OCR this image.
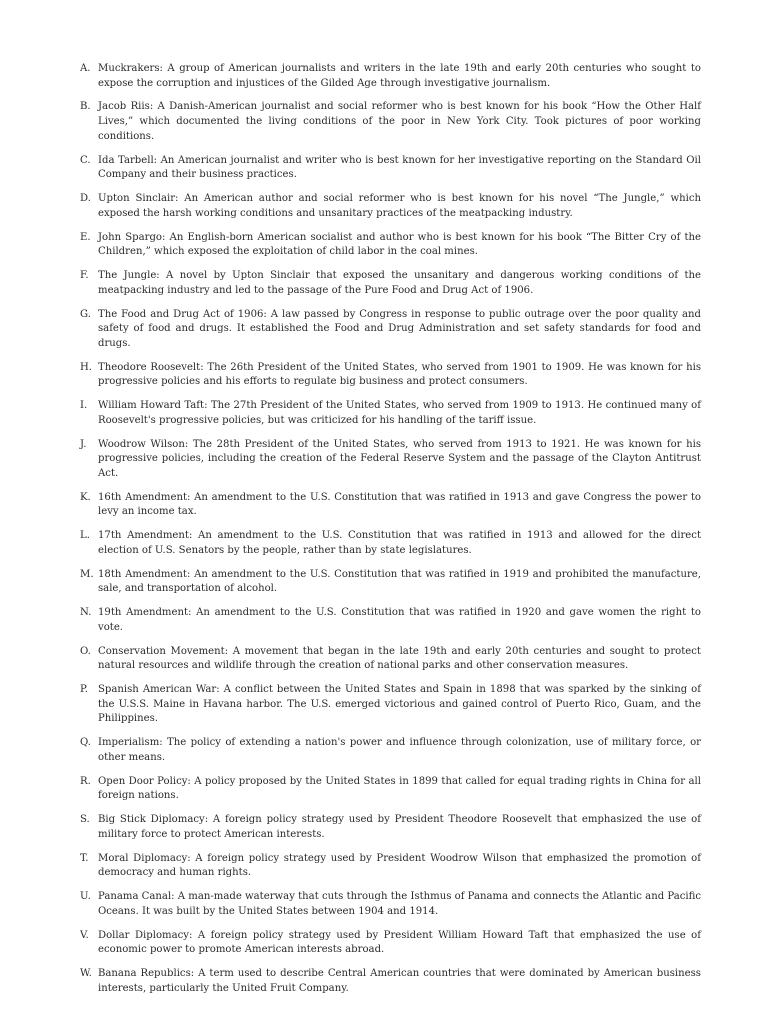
A. Muckrakers: A group of American journalists and writers in the late 19th and early 20th centuries who sought to expose the corruption and injustices of the Gilded Age through investigative journalism.
B. Jacob Riis: A Danish-American journalist and social reformer who is best known for his book “How the Other Half Lives,” which documented the living conditions of the poor in New York City. Took pictures of poor working conditions.
C. Ida Tarbell: An American journalist and writer who is best known for her investigative reporting on the Standard Oil Company and their business practices.
D. Upton Sinclair: An American author and social reformer who is best known for his novel “The Jungle,” which exposed the harsh working conditions and unsanitary practices of the meatpacking industry.
E. John Spargo: An English-born American socialist and author who is best known for his book “The Bitter Cry of the Children,” which exposed the exploitation of child labor in the coal mines.
F. The Jungle: A novel by Upton Sinclair that exposed the unsanitary and dangerous working conditions of the meatpacking industry and led to the passage of the Pure Food and Drug Act of 1906.
G. The Food and Drug Act of 1906: A law passed by Congress in response to public outrage over the poor quality and safety of food and drugs. It established the Food and Drug Administration and set safety standards for food and drugs.
H. Theodore Roosevelt: The 26th President of the United States, who served from 1901 to 1909. He was known for his progressive policies and his efforts to regulate big business and protect consumers.
I.	William Howard Taft: The 27th President of the United States, who served from 1909 to 1913. He continued many of Roosevelt's progressive policies, but was criticized for his handling of the tariff issue.
J.	Woodrow Wilson: The 28th President of the United States, who served from 1913 to 1921. He was known for his progressive policies, including the creation of the Federal Reserve System and the passage of the Clayton Antitrust Act.
K. 16th Amendment: An amendment to the U.S. Constitution that was ratified in 1913 and gave Congress the power to levy an income tax.
L. 17th Amendment: An amendment to the U.S. Constitution that was ratified in 1913 and allowed for the direct election of U.S. Senators by the people, rather than by state legislatures.
M. 18th Amendment: An amendment to the U.S. Constitution that was ratified in 1919 and prohibited the manufacture, sale, and transportation of alcohol.
N. 19th Amendment: An amendment to the U.S. Constitution that was ratified in 1920 and gave women the right to vote.
O. Conservation Movement: A movement that began in the late 19th and early 20th centuries and sought to protect natural resources and wildlife through the creation of national parks and other conservation measures.
P. Spanish American War: A conflict between the United States and Spain in 1898 that was sparked by the sinking of the U.S.S. Maine in Havana harbor. The U.S. emerged victorious and gained control of Puerto Rico, Guam, and the Philippines.
Q. Imperialism: The policy of extending a nation's power and influence through colonization, use of military force, or other means.
R. Open Door Policy: A policy proposed by the United States in 1899 that called for equal trading rights in China for all foreign nations.
S. Big Stick Diplomacy: A foreign policy strategy used by President Theodore Roosevelt that emphasized the use of military force to protect American interests.
T. Moral Diplomacy: A foreign policy strategy used by President Woodrow Wilson that emphasized the promotion of democracy and human rights.
U. Panama Canal: A man-made waterway that cuts through the Isthmus of Panama and connects the Atlantic and Pacific Oceans. It was built by the United States between 1904 and 1914.
V. Dollar Diplomacy: A foreign policy strategy used by President William Howard Taft that emphasized the use of economic power to promote American interests abroad.
W. Banana Republics: A term used to describe Central American countries that were dominated by American business interests, particularly the United Fruit Company.
